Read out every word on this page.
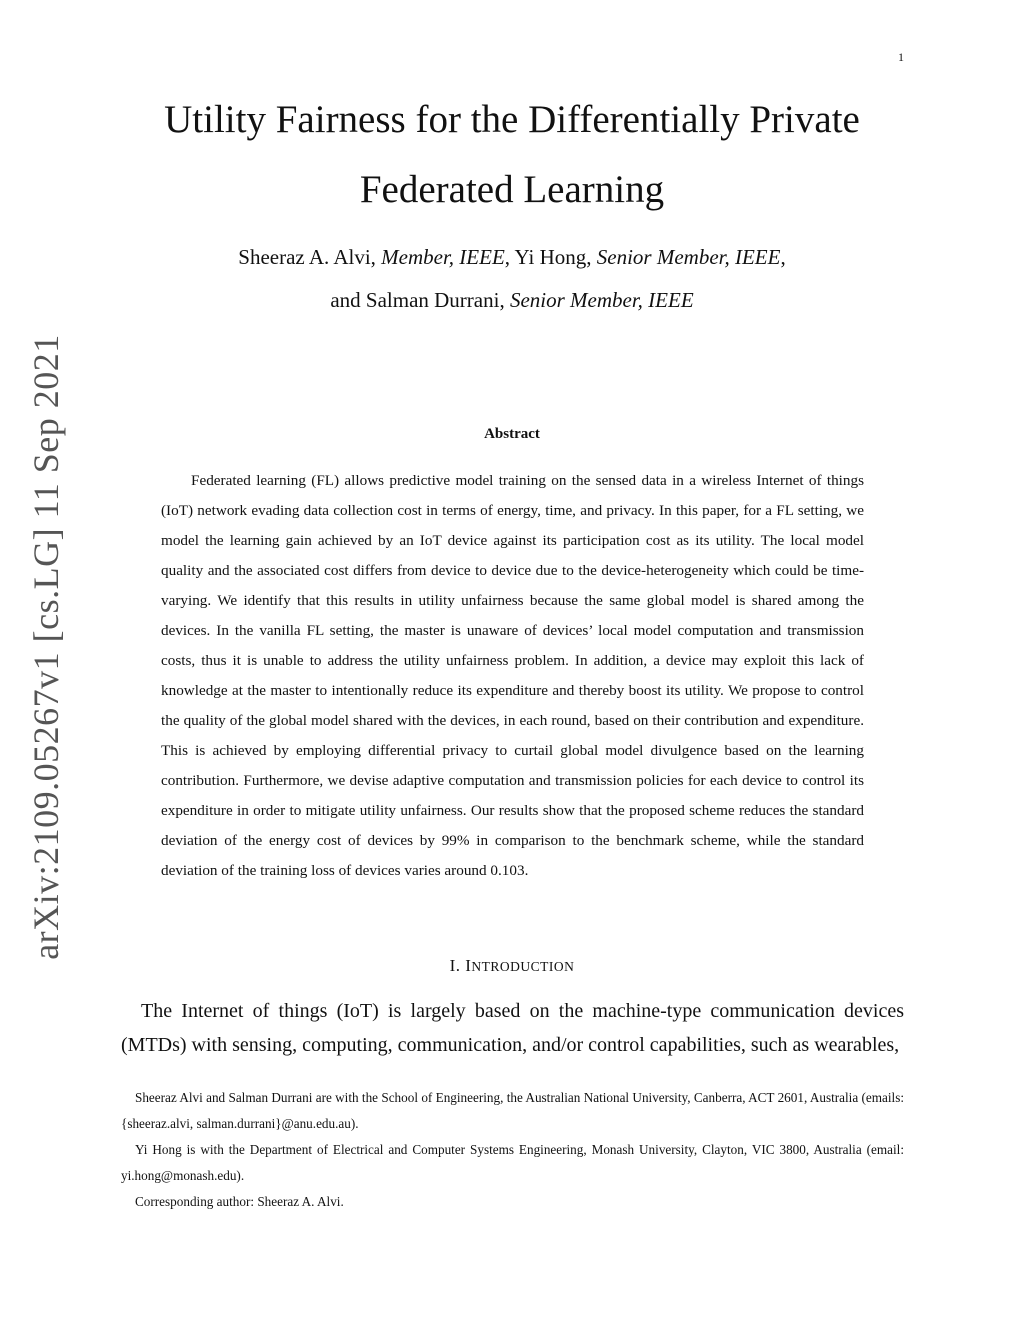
1
Utility Fairness for the Differentially Private
Federated Learning
Sheeraz A. Alvi, Member, IEEE, Yi Hong, Senior Member, IEEE,
and Salman Durrani, Senior Member, IEEE
arXiv:2109.05267v1 [cs.LG] 11 Sep 2021	Abstract

Federated learning (FL) allows predictive model training on the sensed data in a wireless Internet of things (IoT) network evading data collection cost in terms of energy, time, and privacy. In this paper, for a FL setting, we model the learning gain achieved by an IoT device against its participation cost as its utility. The local model quality and the associated cost differs from device to device due to the device-heterogeneity which could be time-varying. We identify that this results in utility unfairness because the same global model is shared among the devices. In the vanilla FL setting, the master is unaware of devices’ local model computation and transmission costs, thus it is unable to address the utility unfairness problem. In addition, a device may exploit this lack of knowledge at the master to intentionally reduce its expenditure and thereby boost its utility. We propose to control the quality of the global model shared with the devices, in each round, based on their contribution and expenditure. This is achieved by employing differential privacy to curtail global model divulgence based on the learning contribution. Furthermore, we devise adaptive computation and transmission policies for each device to control its expenditure in order to mitigate utility unfairness. Our results show that the proposed scheme reduces the standard deviation of the energy cost of devices by 99% in comparison to the benchmark scheme, while the standard deviation of the training loss of devices varies around 0.103.

I. INTRODUCTION

The Internet of things (IoT) is largely based on the machine-type communication devices (MTDs) with sensing, computing, communication, and/or control capabilities, such as wearables,

Sheeraz Alvi and Salman Durrani are with the School of Engineering, the Australian National University, Canberra, ACT 2601, Australia (emails: {sheeraz.alvi, salman.durrani}@anu.edu.au).

Yi Hong is with the Department of Electrical and Computer Systems Engineering, Monash University, Clayton, VIC 3800, Australia (email: yi.hong@monash.edu).

Corresponding author: Sheeraz A. Alvi.
